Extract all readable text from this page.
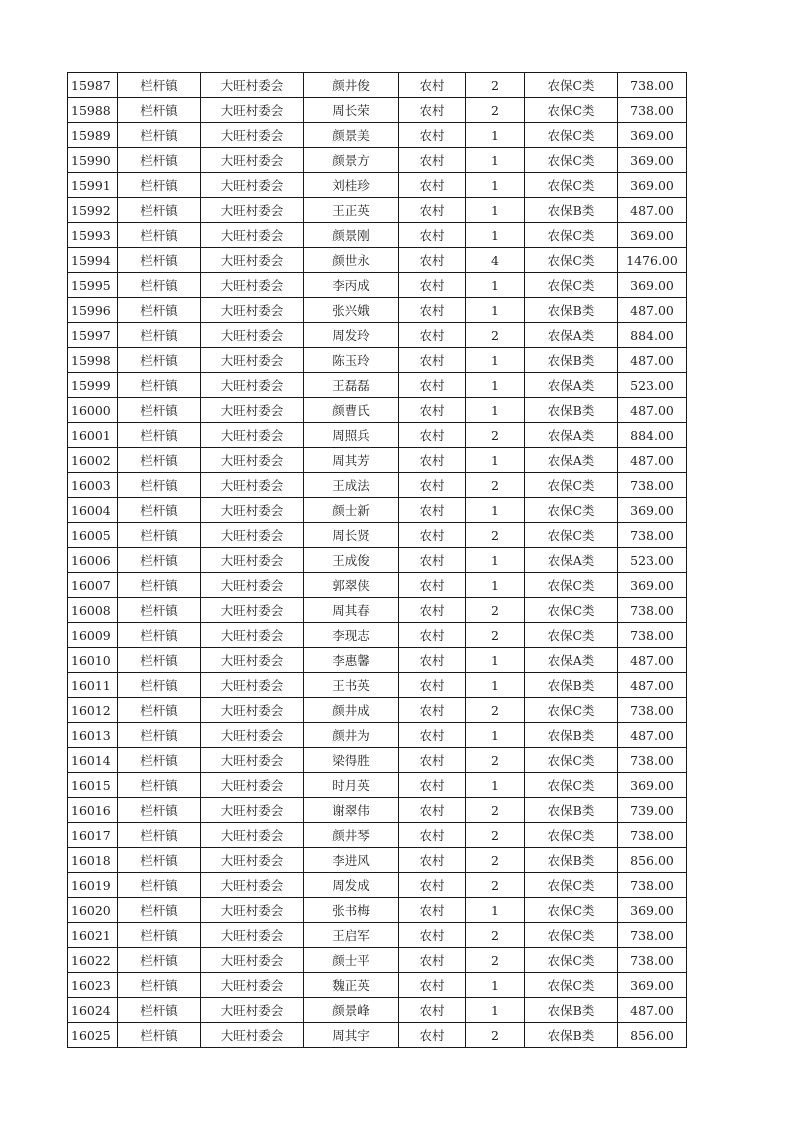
15987	栏杆镇	大旺村委会	颜井俊	农村	2	农保C类	738.00
15988	栏杆镇	大旺村委会	周长荣	农村	2	农保C类	738.00
15989	栏杆镇	大旺村委会	颜景美	农村	1	农保C类	369.00
15990	栏杆镇	大旺村委会	颜景方	农村	1	农保C类	369.00
15991	栏杆镇	大旺村委会	刘桂珍	农村	1	农保C类	369.00
15992	栏杆镇	大旺村委会	王正英	农村	1	农保B类	487.00
15993	栏杆镇	大旺村委会	颜景刚	农村	1	农保C类	369.00
15994	栏杆镇	大旺村委会	颜世永	农村	4	农保C类	1476.00
15995	栏杆镇	大旺村委会	李丙成	农村	1	农保C类	369.00
15996	栏杆镇	大旺村委会	张兴娥	农村	1	农保B类	487.00
15997	栏杆镇	大旺村委会	周发玲	农村	2	农保A类	884.00
15998	栏杆镇	大旺村委会	陈玉玲	农村	1	农保B类	487.00
15999	栏杆镇	大旺村委会	王磊磊	农村	1	农保A类	523.00
16000	栏杆镇	大旺村委会	颜曹氏	农村	1	农保B类	487.00
16001	栏杆镇	大旺村委会	周照兵	农村	2	农保A类	884.00
16002	栏杆镇	大旺村委会	周其芳	农村	1	农保A类	487.00
16003	栏杆镇	大旺村委会	王成法	农村	2	农保C类	738.00
16004	栏杆镇	大旺村委会	颜士新	农村	1	农保C类	369.00
16005	栏杆镇	大旺村委会	周长贤	农村	2	农保C类	738.00
16006	栏杆镇	大旺村委会	王成俊	农村	1	农保A类	523.00
16007	栏杆镇	大旺村委会	郭翠侠	农村	1	农保C类	369.00
16008	栏杆镇	大旺村委会	周其春	农村	2	农保C类	738.00
16009	栏杆镇	大旺村委会	李现志	农村	2	农保C类	738.00
16010	栏杆镇	大旺村委会	李惠馨	农村	1	农保A类	487.00
16011	栏杆镇	大旺村委会	王书英	农村	1	农保B类	487.00
16012	栏杆镇	大旺村委会	颜井成	农村	2	农保C类	738.00
16013	栏杆镇	大旺村委会	颜井为	农村	1	农保B类	487.00
16014	栏杆镇	大旺村委会	梁得胜	农村	2	农保C类	738.00
16015	栏杆镇	大旺村委会	时月英	农村	1	农保C类	369.00
16016	栏杆镇	大旺村委会	谢翠伟	农村	2	农保B类	739.00
16017	栏杆镇	大旺村委会	颜井琴	农村	2	农保C类	738.00
16018	栏杆镇	大旺村委会	李进风	农村	2	农保B类	856.00
16019	栏杆镇	大旺村委会	周发成	农村	2	农保C类	738.00
16020	栏杆镇	大旺村委会	张书梅	农村	1	农保C类	369.00
16021	栏杆镇	大旺村委会	王启军	农村	2	农保C类	738.00
16022	栏杆镇	大旺村委会	颜士平	农村	2	农保C类	738.00
16023	栏杆镇	大旺村委会	魏正英	农村	1	农保C类	369.00
16024	栏杆镇	大旺村委会	颜景峰	农村	1	农保B类	487.00
16025	栏杆镇	大旺村委会	周其宇	农村	2	农保B类	856.00
